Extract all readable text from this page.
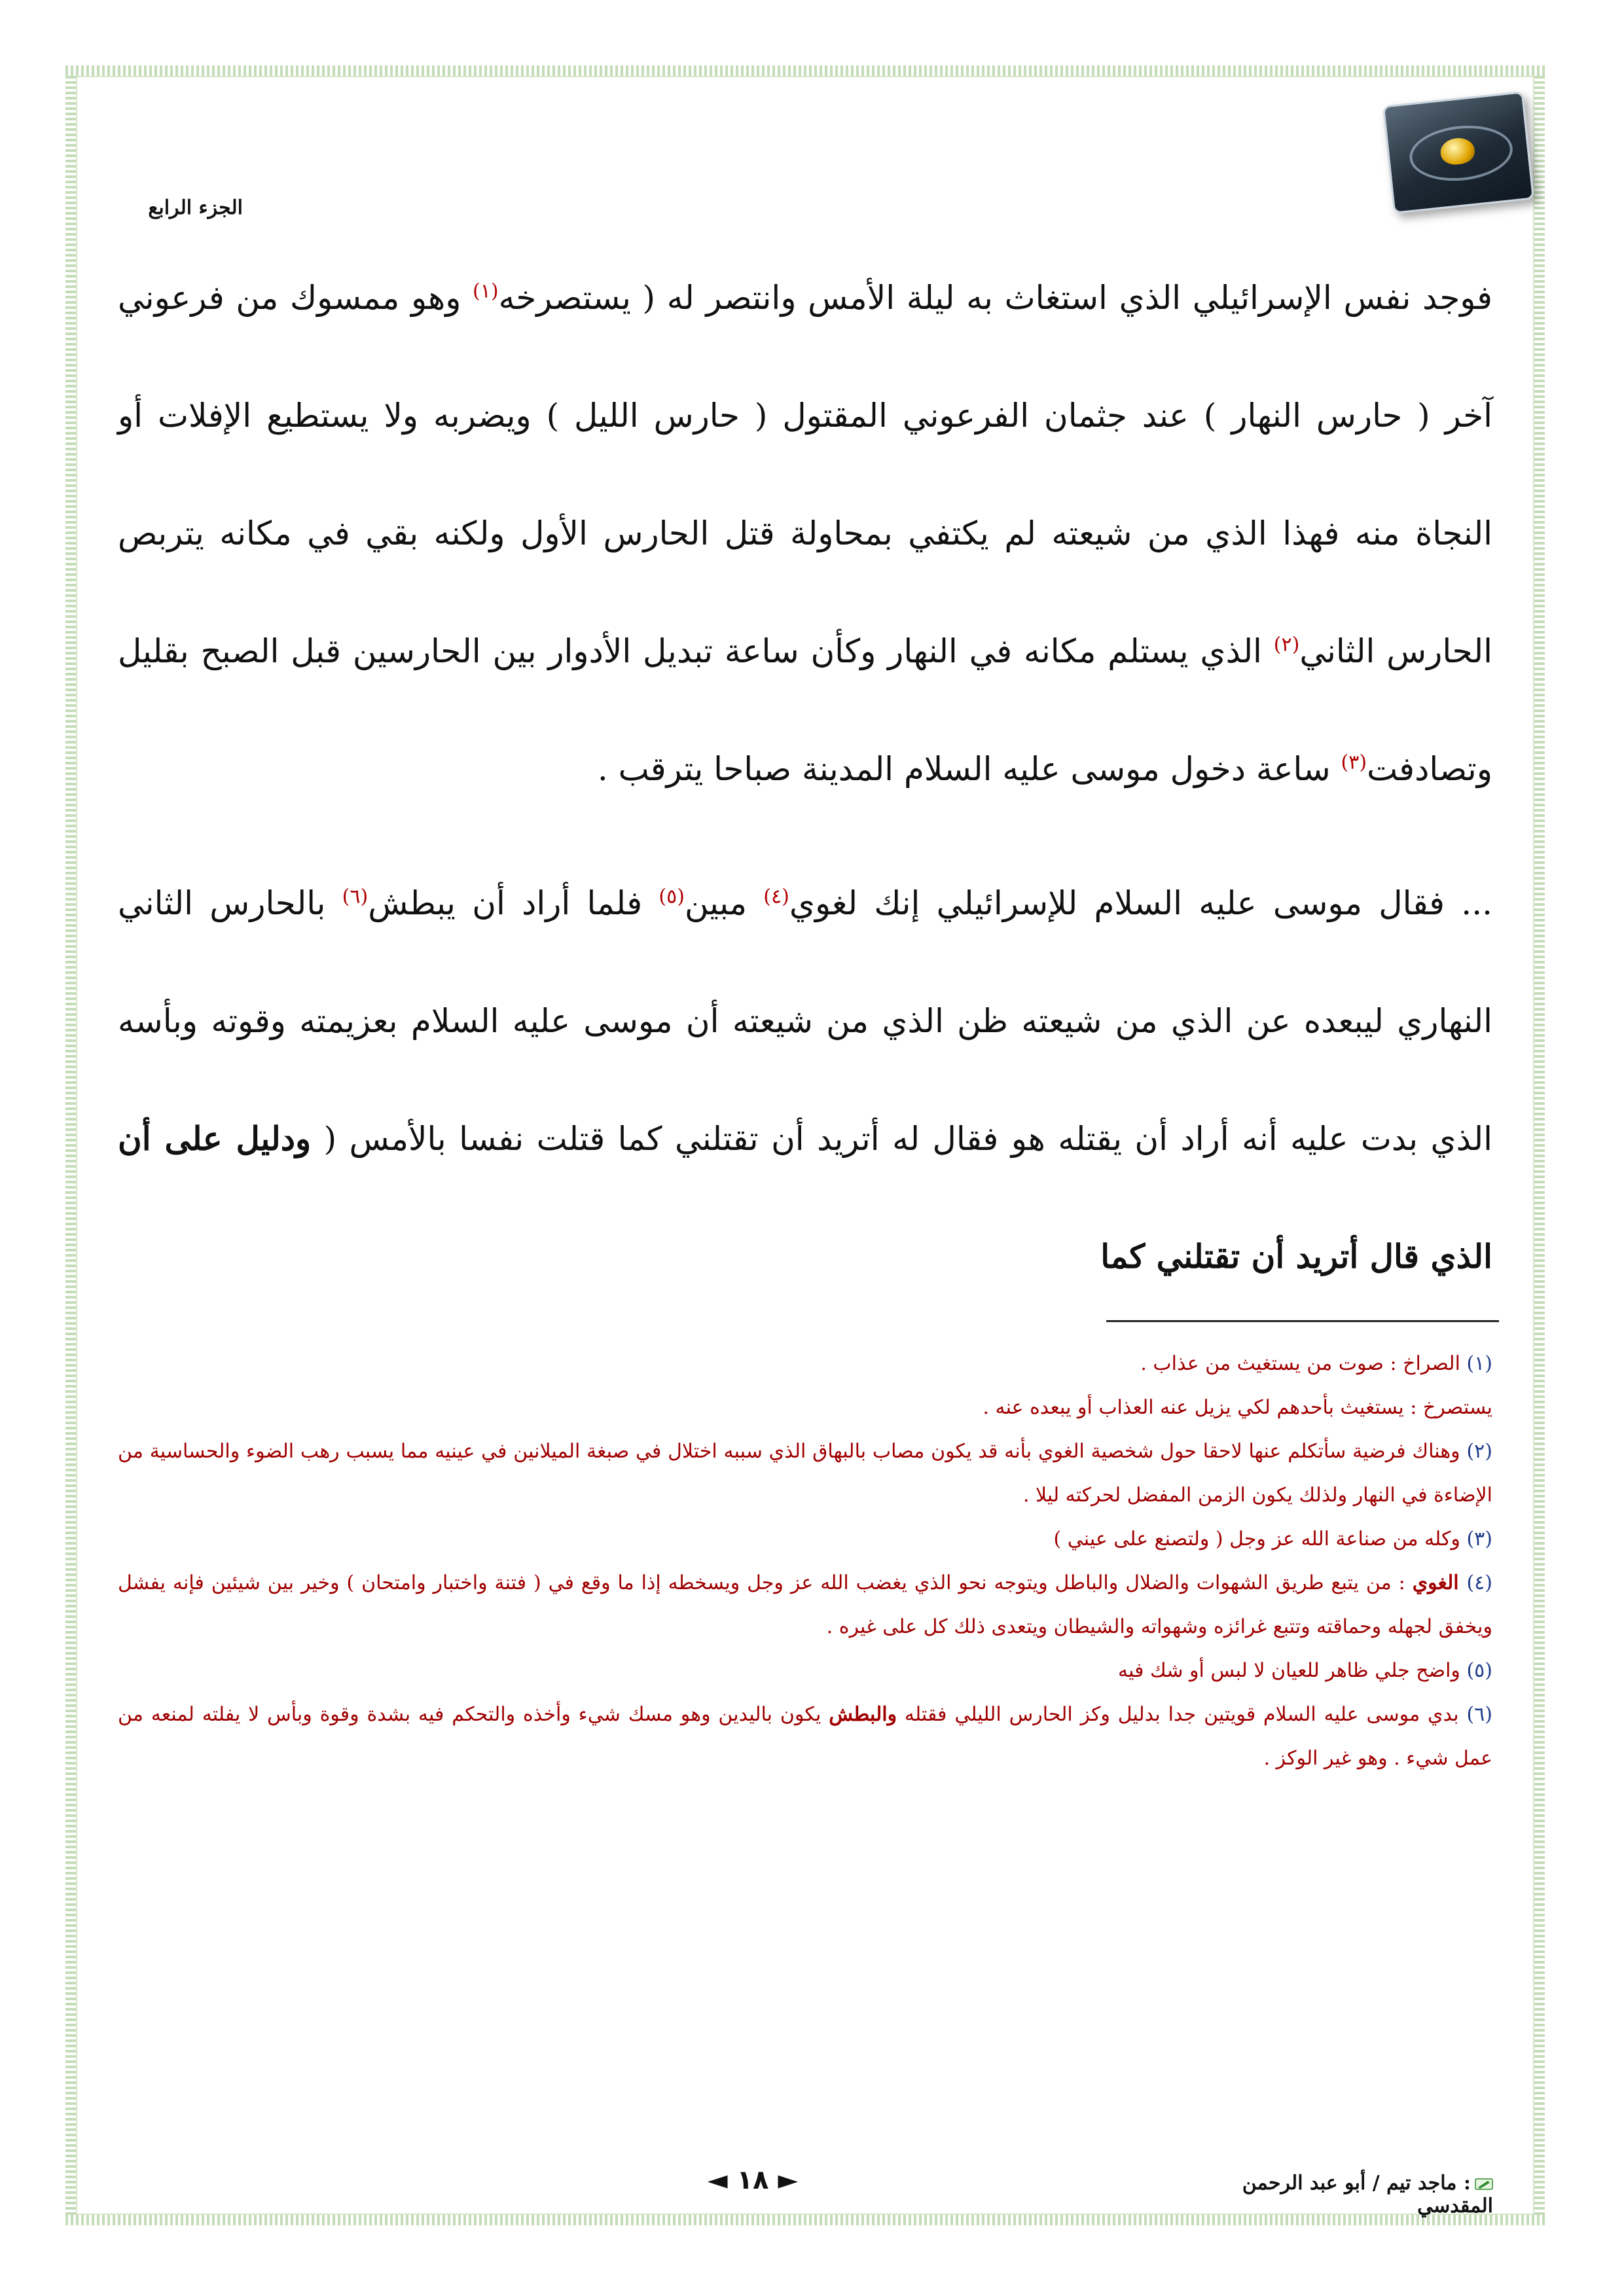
الجزء الرابع

فوجد نفس الإسرائيلي الذي استغاث به ليلة الأمس وانتصر له ( يستصرخه$^{(١)}$ وهو ممسوك من فرعوني آخر ( حارس النهار ) عند جثمان الفرعوني المقتول ( حارس الليل ) ويضربه ولا يستطيع الإفلات أو النجاة منه فهذا الذي من شيعته لم يكتفي بمحاولة قتل الحارس الأول ولكنه بقي في مكانه يتربص الحارس الثاني$^{(٢)}$ الذي يستلم مكانه في النهار وكأن ساعة تبديل الأدوار بين الحارسين قبل الصبح بقليل وتصادفت$^{(٣)}$ ساعة دخول موسى عليه السلام المدينة صباحا يترقب .

... فقال موسى عليه السلام للإسرائيلي إنك لغوي$^{(٤)}$ مبين$^{(٥)}$ فلما أراد أن يبطش$^{(٦)}$ بالحارس الثاني النهاري ليبعده عن الذي من شيعته ظن الذي من شيعته أن موسى عليه السلام بعزيمته وقوته وبأسه الذي بدت عليه أنه أراد أن يقتله هو فقال له أتريد أن تقتلني كما قتلت نفسا بالأمس ( ودليل على أن الذي قال أتريد أن تقتلني كما

(١) الصراخ : صوت من يستغيث من عذاب .

يستصرخ : يستغيث بأحدهم لكي يزيل عنه العذاب أو يبعده عنه .

(٢) وهناك فرضية سأتكلم عنها لاحقا حول شخصية الغوي بأنه قد يكون مصاب بالبهاق الذي سببه اختلال في صبغة الميلانين في عينيه مما يسبب رهب الضوء والحساسية من الإضاءة في النهار ولذلك يكون الزمن المفضل لحركته ليلا .

(٣) وكله من صناعة الله عز وجل ( ولتصنع على عيني )

(٤) الغوي : من يتبع طريق الشهوات والضلال والباطل ويتوجه نحو الذي يغضب الله عز وجل ويسخطه إذا ما وقع في ( فتنة واختبار وامتحان ) وخير بين شيئين فإنه يفشل ويخفق لجهله وحماقته وتتبع غرائزه وشهواته والشيطان ويتعدى ذلك كل على غيره .

(٥) واضح جلي ظاهر للعيان لا لبس أو شك فيه

(٦) بدي موسى عليه السلام قويتين جدا بدليل وكز الحارس الليلي فقتله والبطش يكون باليدين وهو مسك شيء وأخذه والتحكم فيه بشدة وقوة وبأس لا يفلته لمنعه من عمل شيء . وهو غير الوكز .

◄ ١٨ ►	: ماجد تيم / أبو عبد الرحمن المقدسي
